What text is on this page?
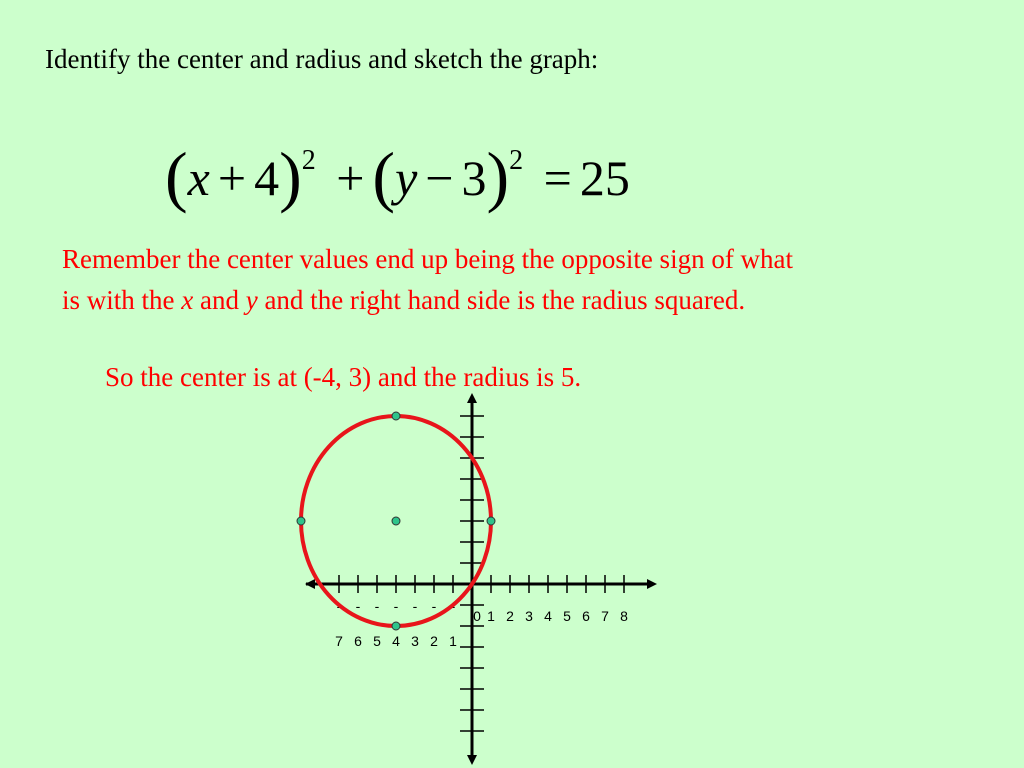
Identify the center and radius and sketch the graph:
$(x + 4)^2 + (y - 3)^2 = 25$
Remember the center values end up being the opposite sign of what
is with the x and y and the right hand side is the radius squared.
So the center is at (-4, 3) and the radius is 5.
-
7
-
6
-
5
-
4
-
3
-
2
-
1
0 1 2 3 4 5 6 7 8
